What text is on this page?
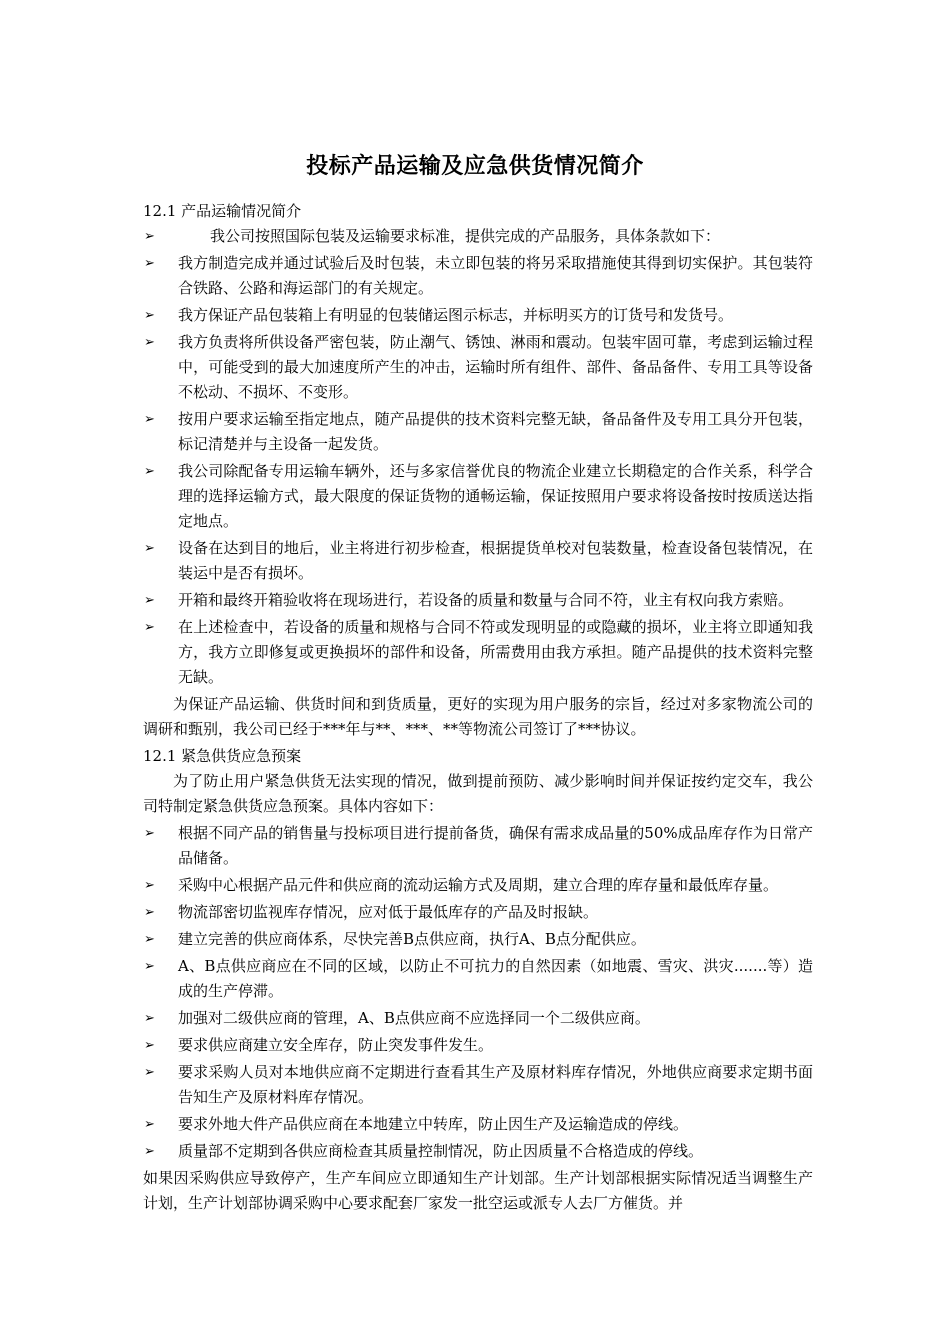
投标产品运输及应急供货情况简介
12.1 产品运输情况简介
➢	我公司按照国际包装及运输要求标准，提供完成的产品服务，具体条款如下：
➢ 我方制造完成并通过试验后及时包装，未立即包装的将另采取措施使其得到切实保护。其包装符合铁路、公路和海运部门的有关规定。
➢ 我方保证产品包装箱上有明显的包装储运图示标志，并标明买方的订货号和发货号。
➢ 我方负责将所供设备严密包装，防止潮气、锈蚀、淋雨和震动。包装牢固可靠，考虑到运输过程中，可能受到的最大加速度所产生的冲击，运输时所有组件、部件、备品备件、专用工具等设备不松动、不损坏、不变形。
➢ 按用户要求运输至指定地点，随产品提供的技术资料完整无缺，备品备件及专用工具分开包装，标记清楚并与主设备一起发货。
➢ 我公司除配备专用运输车辆外，还与多家信誉优良的物流企业建立长期稳定的合作关系，科学合理的选择运输方式，最大限度的保证货物的通畅运输，保证按照用户要求将设备按时按质送达指定地点。
➢ 设备在达到目的地后，业主将进行初步检查，根据提货单校对包装数量，检查设备包装情况，在装运中是否有损坏。
➢ 开箱和最终开箱验收将在现场进行，若设备的质量和数量与合同不符，业主有权向我方索赔。
➢ 在上述检查中，若设备的质量和规格与合同不符或发现明显的或隐藏的损坏，业主将立即通知我方，我方立即修复或更换损坏的部件和设备，所需费用由我方承担。随产品提供的技术资料完整无缺。
为保证产品运输、供货时间和到货质量，更好的实现为用户服务的宗旨，经过对多家物流公司的调研和甄别，我公司已经于***年与**、***、**等物流公司签订了***协议。
12.1 紧急供货应急预案
为了防止用户紧急供货无法实现的情况，做到提前预防、减少影响时间并保证按约定交车，我公司特制定紧急供货应急预案。具体内容如下：
➢ 根据不同产品的销售量与投标项目进行提前备货，确保有需求成品量的50%成品库存作为日常产品储备。
➢ 采购中心根据产品元件和供应商的流动运输方式及周期，建立合理的库存量和最低库存量。
➢ 物流部密切监视库存情况，应对低于最低库存的产品及时报缺。
➢ 建立完善的供应商体系，尽快完善B点供应商，执行A、B点分配供应。
➢ A、B点供应商应在不同的区域，以防止不可抗力的自然因素（如地震、雪灾、洪灾.......等）造成的生产停滞。
➢ 加强对二级供应商的管理，A、B点供应商不应选择同一个二级供应商。
➢ 要求供应商建立安全库存，防止突发事件发生。
➢ 要求采购人员对本地供应商不定期进行查看其生产及原材料库存情况，外地供应商要求定期书面告知生产及原材料库存情况。
➢ 要求外地大件产品供应商在本地建立中转库，防止因生产及运输造成的停线。
➢ 质量部不定期到各供应商检查其质量控制情况，防止因质量不合格造成的停线。
如果因采购供应导致停产，生产车间应立即通知生产计划部。生产计划部根据实际情况适当调整生产计划，生产计划部协调采购中心要求配套厂家发一批空运或派专人去厂方催货。并
